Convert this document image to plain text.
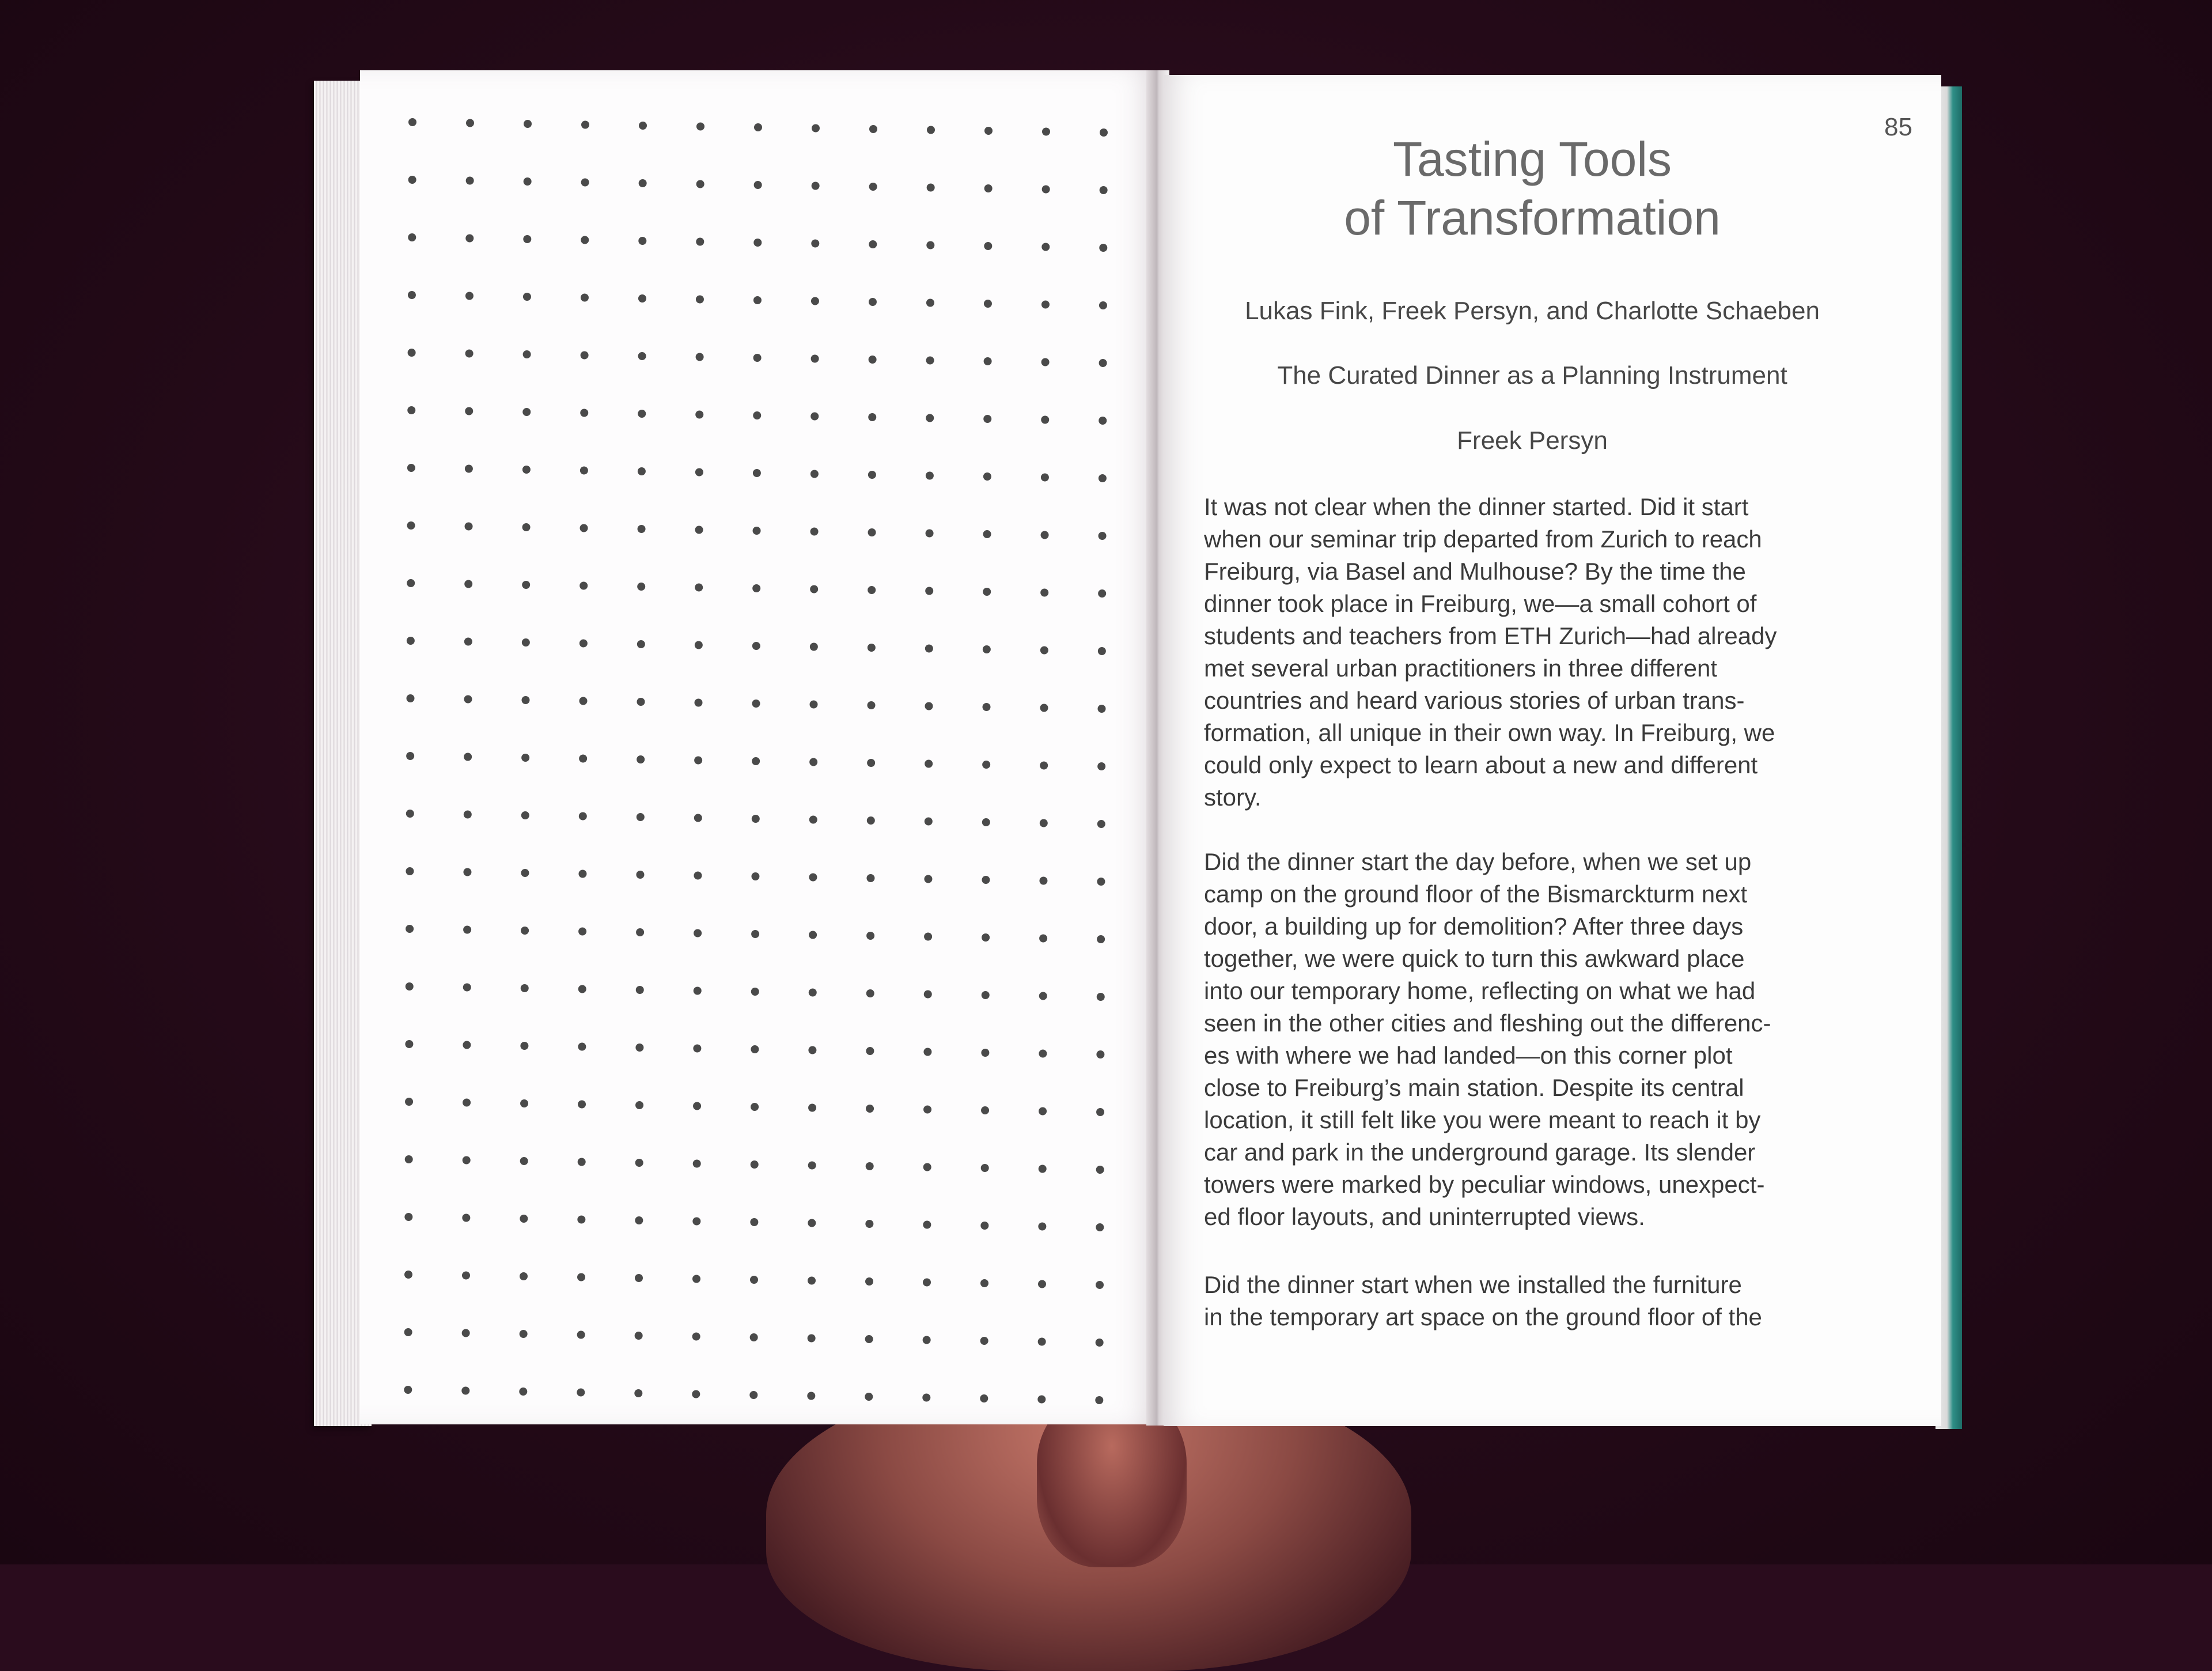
85
Tasting Tools
of Transformation
Lukas Fink, Freek Persyn, and Charlotte Schaeben
The Curated Dinner as a Planning Instrument
Freek Persyn
It was not clear when the dinner started. Did it start
when our seminar trip departed from Zurich to reach
Freiburg, via Basel and Mulhouse? By the time the
dinner took place in Freiburg, we—a small cohort of
students and teachers from ETH Zurich—had already
met several urban practitioners in three different
countries and heard various stories of urban trans-
formation, all unique in their own way. In Freiburg, we
could only expect to learn about a new and different
story.
Did the dinner start the day before, when we set up
camp on the ground floor of the Bismarckturm next
door, a building up for demolition? After three days
together, we were quick to turn this awkward place
into our temporary home, reflecting on what we had
seen in the other cities and fleshing out the differenc-
es with where we had landed—on this corner plot
close to Freiburg’s main station. Despite its central
location, it still felt like you were meant to reach it by
car and park in the underground garage. Its slender
towers were marked by peculiar windows, unexpect-
ed floor layouts, and uninterrupted views.
Did the dinner start when we installed the furniture
in the temporary art space on the ground floor of the
